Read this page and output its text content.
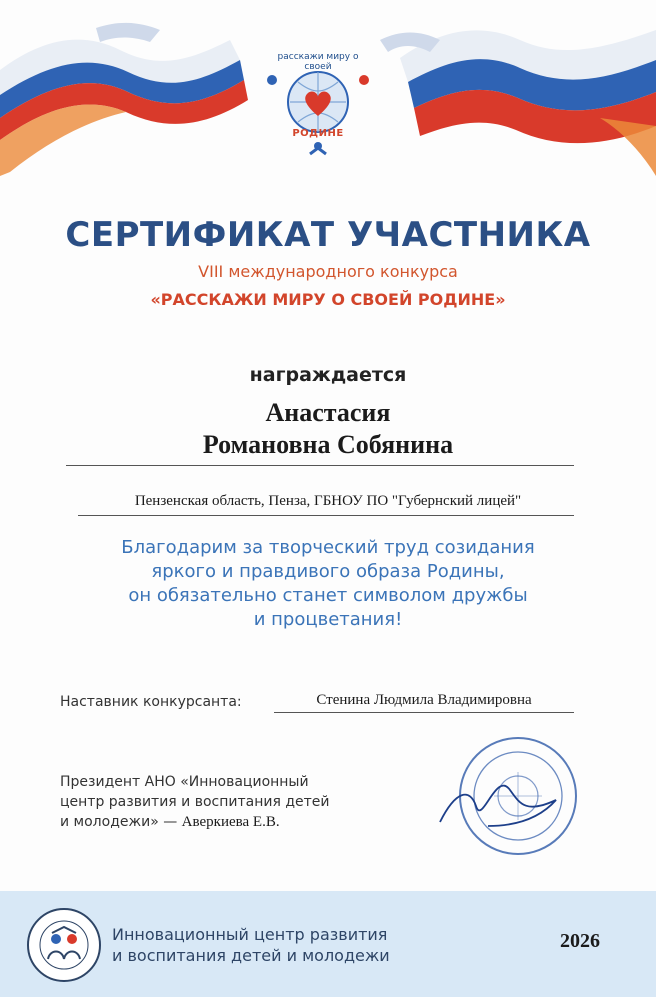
расскажи миру о своей
РОДИНЕ
СЕРТИФИКАТ УЧАСТНИКА
VIII международного конкурса
«РАССКАЖИ МИРУ О СВОЕЙ РОДИНЕ»
награждается
Анастасия
Романовна Собянина
Пензенская область, Пенза, ГБНОУ ПО "Губернский лицей"
Благодарим за творческий труд созидания
яркого и правдивого образа Родины,
он обязательно станет символом дружбы
и процветания!
Наставник конкурсанта:	Стенина Людмила Владимировна
Президент АНО «Инновационный
центр развития и воспитания детей
и молодежи» — Аверкиева Е.В.
Инновационный центр развития
и воспитания детей и молодежи
2026
